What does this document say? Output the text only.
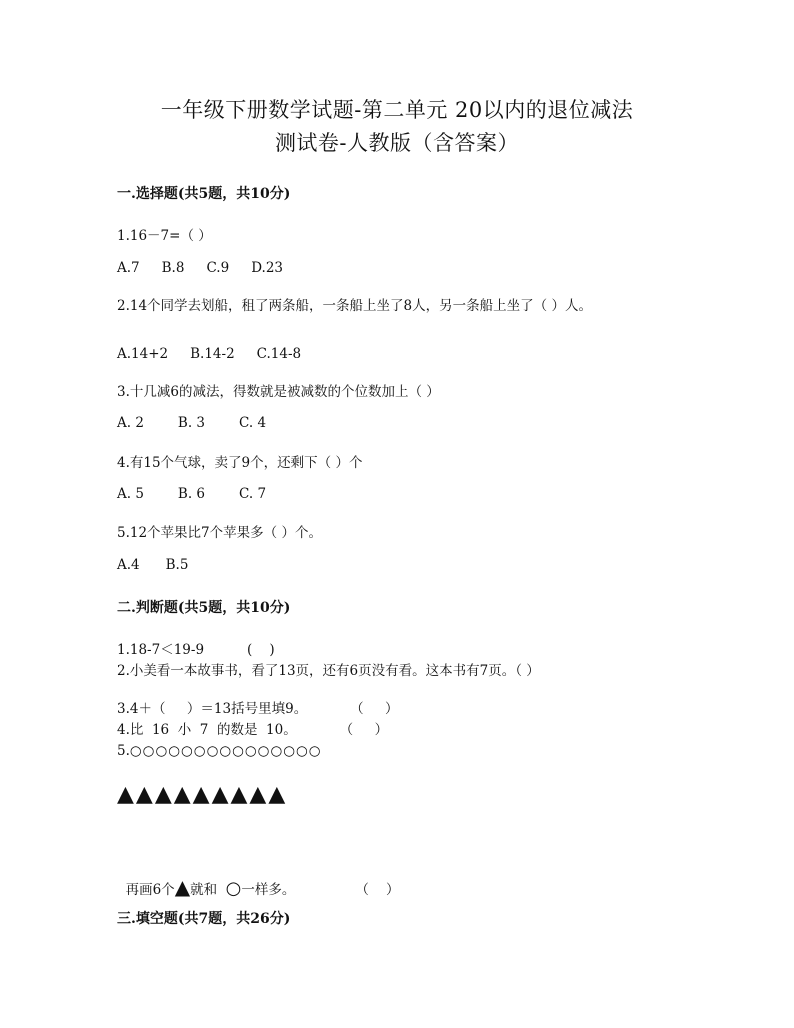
一年级下册数学试题-第二单元 20以内的退位减法
测试卷-人教版（含答案）
一.选择题(共5题，共10分)
1.16－7=（ ）
A.7 B.8 C.9 D.23
2.14个同学去划船，租了两条船，一条船上坐了8人，另一条船上坐了（ ）人。
A.14+2 B.14-2 C.14-8
3.十几减6的减法，得数就是被减数的个位数加上（ ）
A. 2	B. 3	C. 4
4.有15个气球，卖了9个，还剩下（ ）个
A. 5	B. 6	C. 7
5.12个苹果比7个苹果多（ ）个。
A.4 B.5
二.判断题(共5题，共10分)
1.18-7＜19-9          (    )
2.小美看一本故事书，看了13页，还有6页没有看。这本书有7页。（ ）
3.4＋（     ）＝13括号里填9。          （     ）
4.比  16  小  7  的数是  10。          （     ）
5.○○○○○○○○○○○○○○○
▲▲▲▲▲▲▲▲▲

再画6个▲就和  ○一样多。	（    ）

三.填空题(共7题，共26分)
